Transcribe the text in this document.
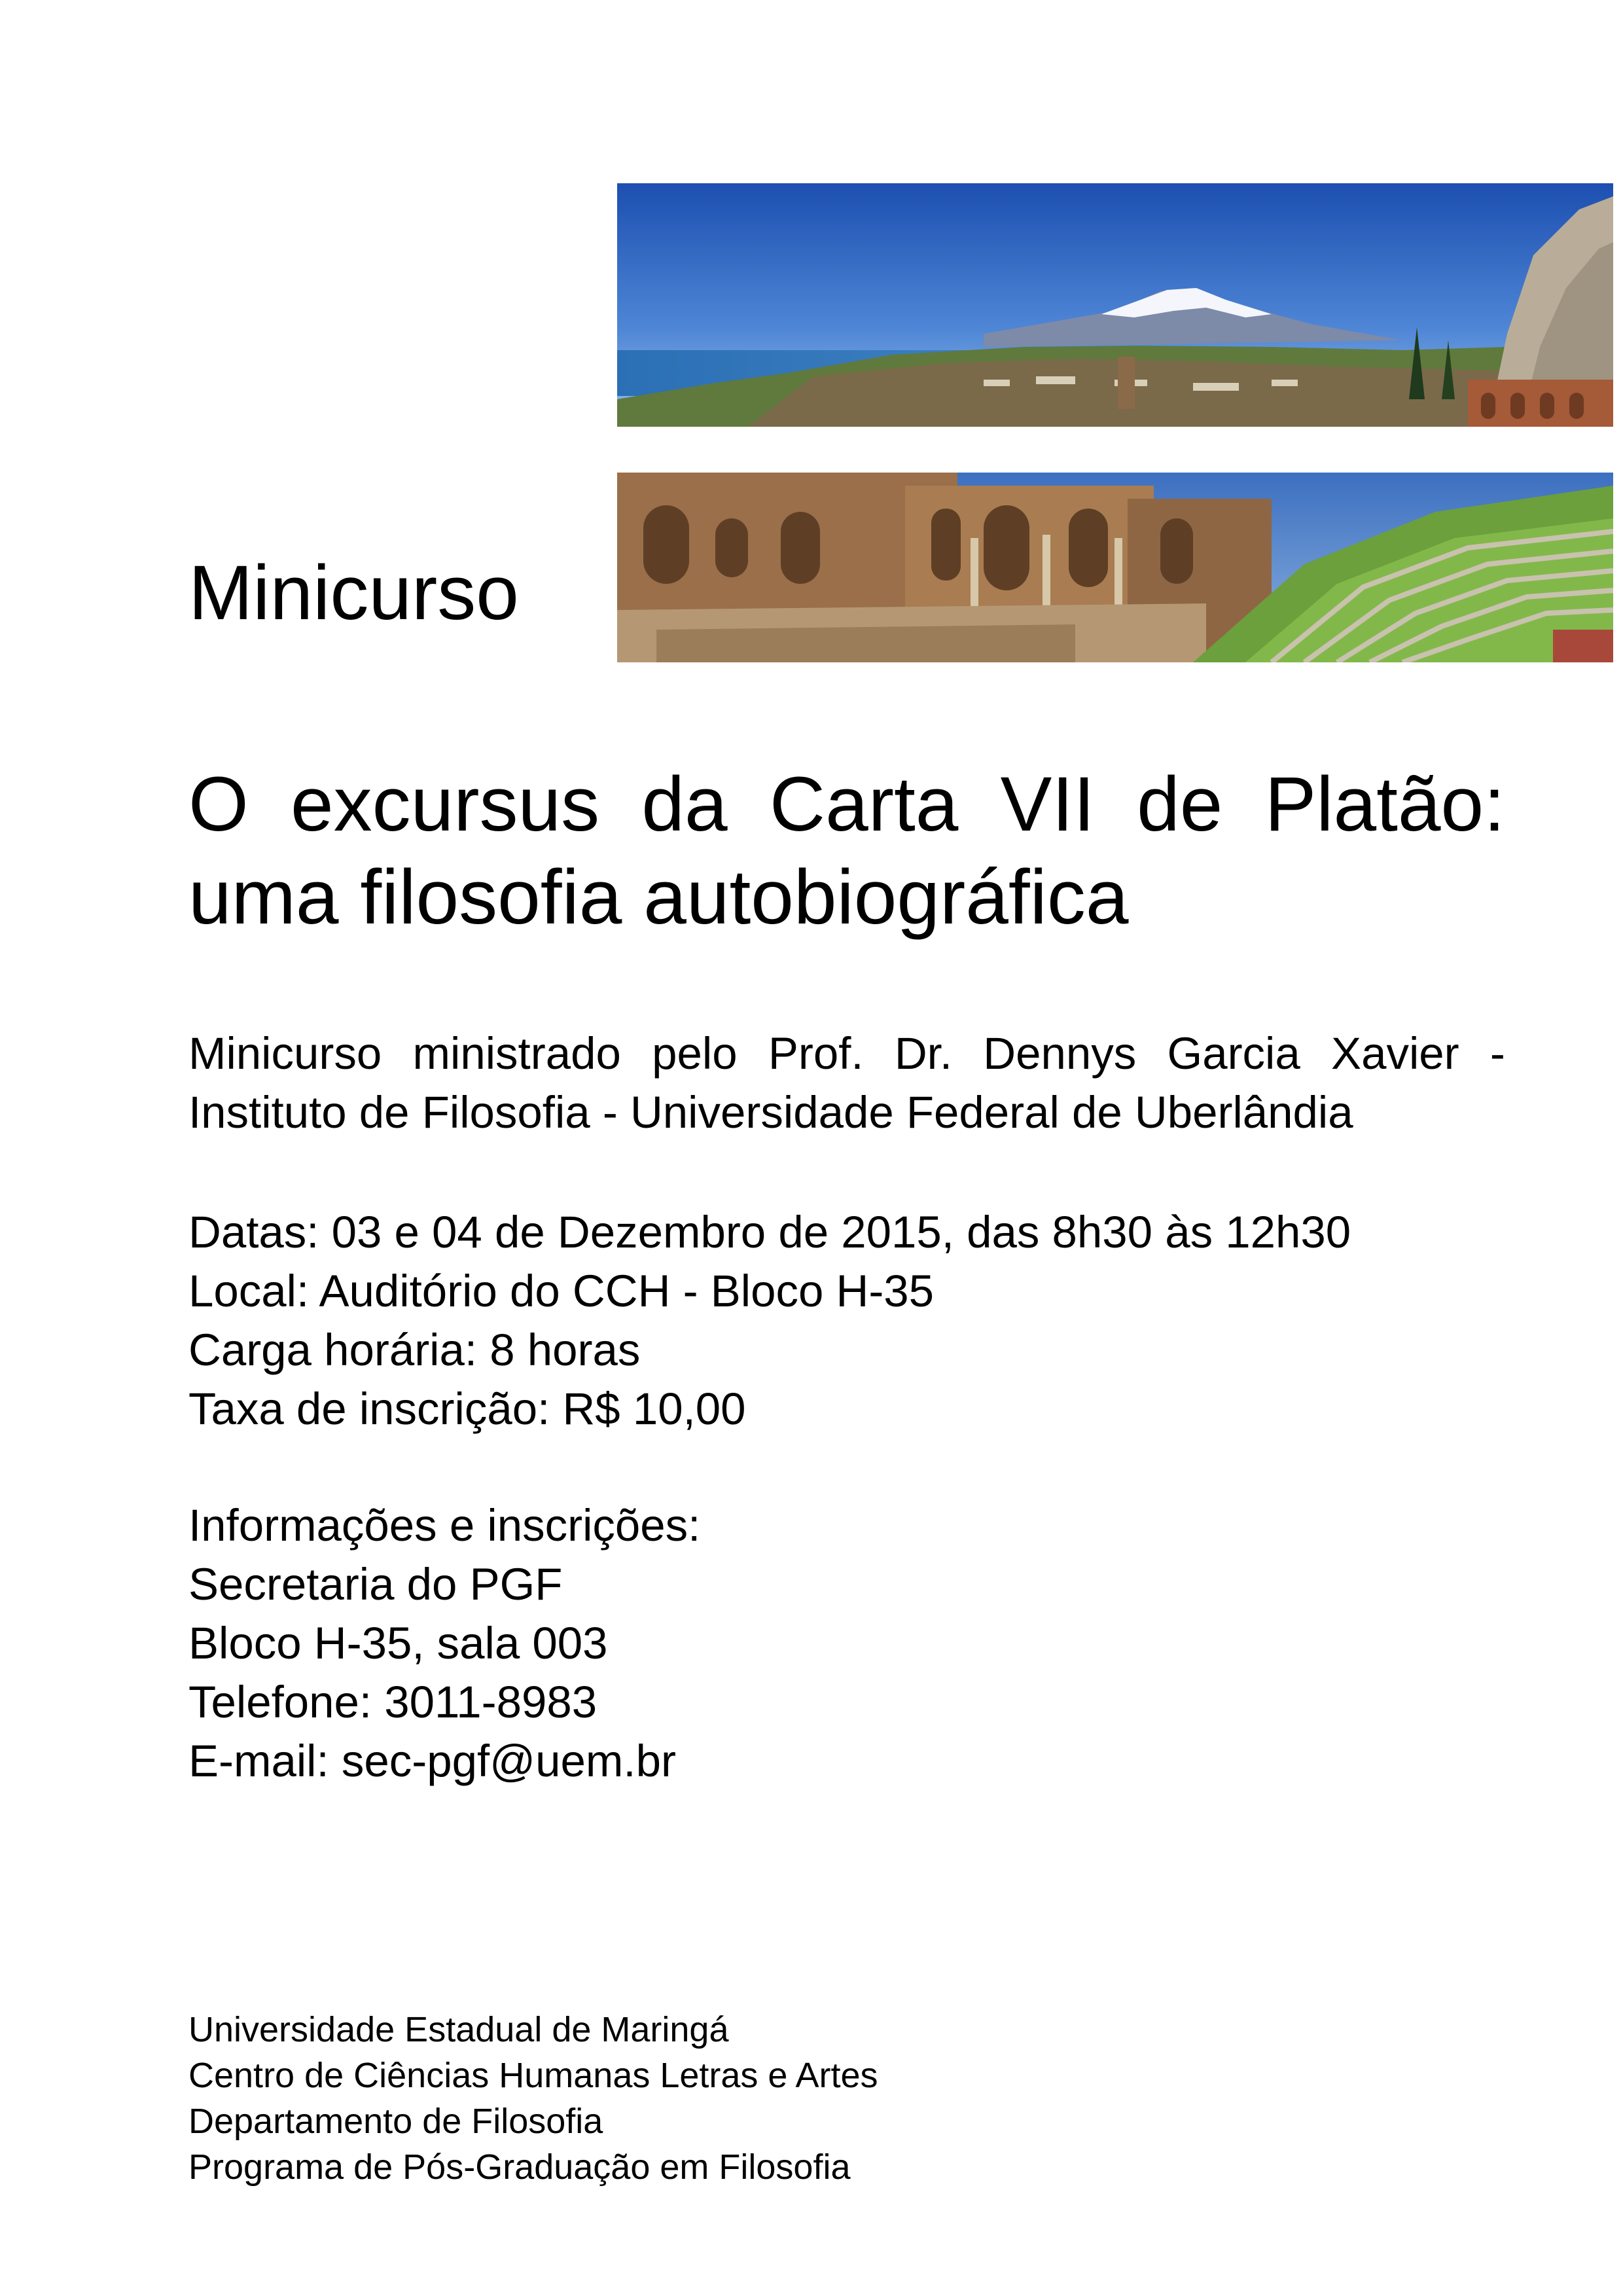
Minicurso
O excursus da Carta VII de Platão:
uma filosofia autobiográfica
Minicurso ministrado pelo Prof. Dr. Dennys Garcia Xavier -
Instituto de Filosofia - Universidade Federal de Uberlândia
Datas: 03 e 04 de Dezembro de 2015, das 8h30 às 12h30
Local: Auditório do CCH - Bloco H-35
Carga horária: 8 horas
Taxa de inscrição: R$ 10,00
Informações e inscrições:
Secretaria do PGF
Bloco H-35, sala 003
Telefone: 3011-8983
E-mail: sec-pgf@uem.br
Universidade Estadual de Maringá
Centro de Ciências Humanas Letras e Artes
Departamento de Filosofia
Programa de Pós-Graduação em Filosofia
